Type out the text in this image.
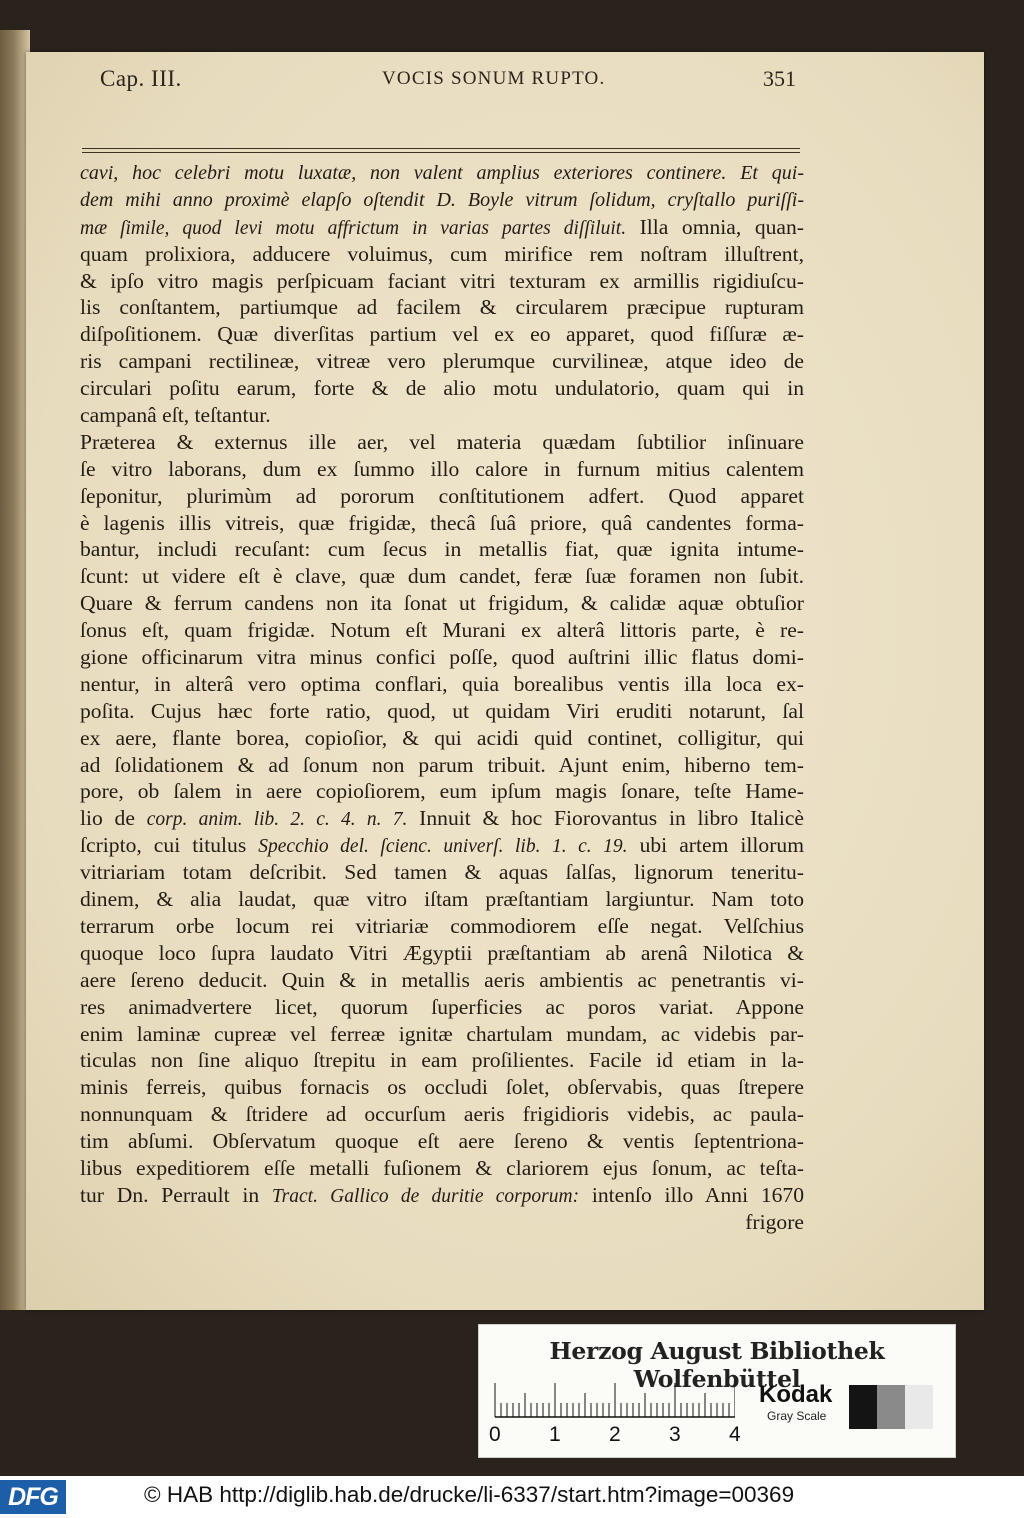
Cap. III.	VOCIS SONUM RUPTO.	351
cavi, hoc celebri motu luxatæ, non valent amplius exteriores continere. Et qui-
dem mihi anno proximè elapſo oſtendit D. Boyle vitrum ſolidum, cryſtallo puriſſi-
mæ ſimile, quod levi motu affrictum in varias partes diſſiluit. Illa omnia, quan-
quam prolixiora, adducere voluimus, cum mirifice rem noſtram illuſtrent,
& ipſo vitro magis perſpicuam faciant vitri texturam ex armillis rigidiuſcu-
lis conſtantem, partiumque ad facilem & circularem præcipue rupturam
diſpoſitionem. Quæ diverſitas partium vel ex eo apparet, quod fiſſuræ æ-
ris campani rectilineæ, vitreæ vero plerumque curvilineæ, atque ideo de
circulari poſitu earum, forte & de alio motu undulatorio, quam qui in
campanâ eſt, teſtantur.
Præterea & externus ille aer, vel materia quædam ſubtilior inſinuare
ſe vitro laborans, dum ex ſummo illo calore in furnum mitius calentem
ſeponitur, plurimùm ad pororum conſtitutionem adfert. Quod apparet
è lagenis illis vitreis, quæ frigidæ, thecâ ſuâ priore, quâ candentes forma-
bantur, includi recuſant: cum ſecus in metallis fiat, quæ ignita intume-
ſcunt: ut videre eſt è clave, quæ dum candet, feræ ſuæ foramen non ſubit.
Quare & ferrum candens non ita ſonat ut frigidum, & calidæ aquæ obtuſior
ſonus eſt, quam frigidæ. Notum eſt Murani ex alterâ littoris parte, è re-
gione officinarum vitra minus confici poſſe, quod auſtrini illic flatus domi-
nentur, in alterâ vero optima conflari, quia borealibus ventis illa loca ex-
poſita. Cujus hæc forte ratio, quod, ut quidam Viri eruditi notarunt, ſal
ex aere, flante borea, copioſior, & qui acidi quid continet, colligitur, qui
ad ſolidationem & ad ſonum non parum tribuit. Ajunt enim, hiberno tem-
pore, ob ſalem in aere copioſiorem, eum ipſum magis ſonare, teſte Hame-
lio de corp. anim. lib. 2. c. 4. n. 7. Innuit & hoc Fiorovantus in libro Italicè
ſcripto, cui titulus Specchio del. ſcienc. univerſ. lib. 1. c. 19. ubi artem illorum
vitriariam totam deſcribit. Sed tamen & aquas ſalſas, lignorum teneritu-
dinem, & alia laudat, quæ vitro iſtam præſtantiam largiuntur. Nam toto
terrarum orbe locum rei vitriariæ commodiorem eſſe negat. Velſchius
quoque loco ſupra laudato Vitri Ægyptii præſtantiam ab arenâ Nilotica &
aere ſereno deducit. Quin & in metallis aeris ambientis ac penetrantis vi-
res animadvertere licet, quorum ſuperficies ac poros variat. Appone
enim laminæ cupreæ vel ferreæ ignitæ chartulam mundam, ac videbis par-
ticulas non ſine aliquo ſtrepitu in eam proſilientes. Facile id etiam in la-
minis ferreis, quibus fornacis os occludi ſolet, obſervabis, quas ſtrepere
nonnunquam & ſtridere ad occurſum aeris frigidioris videbis, ac paula-
tim abſumi. Obſervatum quoque eſt aere ſereno & ventis ſeptentriona-
libus expeditiorem eſſe metalli fuſionem & clariorem ejus ſonum, ac teſta-
tur Dn. Perrault in Tract. Gallico de duritie corporum: intenſo illo Anni 1670
frigore
Herzog August Bibliothek Wolfenbüttel
0 1 2 3 4
Kodak
Gray Scale
DFG	© HAB http://diglib.hab.de/drucke/li-6337/start.htm?image=00369
